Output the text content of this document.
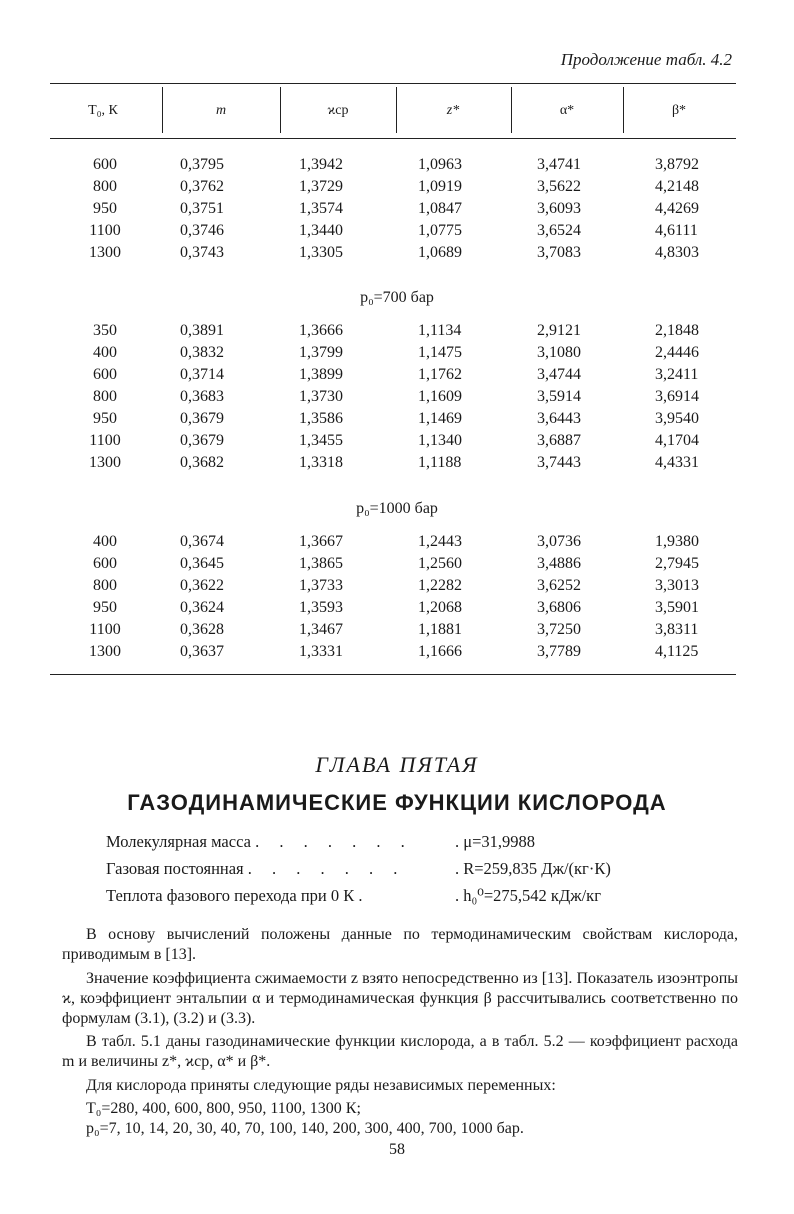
Продолжение табл. 4.2
T₀, К	m	ϰср	z*	α*	β*
600	0,3795	1,3942	1,0963	3,4741	3,8792
800	0,3762	1,3729	1,0919	3,5622	4,2148
950	0,3751	1,3574	1,0847	3,6093	4,4269
1100	0,3746	1,3440	1,0775	3,6524	4,6111
1300	0,3743	1,3305	1,0689	3,7083	4,8303
p₀=700 бар
350	0,3891	1,3666	1,1134	2,9121	2,1848
400	0,3832	1,3799	1,1475	3,1080	2,4446
600	0,3714	1,3899	1,1762	3,4744	3,2411
800	0,3683	1,3730	1,1609	3,5914	3,6914
950	0,3679	1,3586	1,1469	3,6443	3,9540
1100	0,3679	1,3455	1,1340	3,6887	4,1704
1300	0,3682	1,3318	1,1188	3,7443	4,4331
p₀=1000 бар
400	0,3674	1,3667	1,2443	3,0736	1,9380
600	0,3645	1,3865	1,2560	3,4886	2,7945
800	0,3622	1,3733	1,2282	3,6252	3,3013
950	0,3624	1,3593	1,2068	3,6806	3,5901
1100	0,3628	1,3467	1,1881	3,7250	3,8311
1300	0,3637	1,3331	1,1666	3,7789	4,1125
ГЛАВА ПЯТАЯ
ГАЗОДИНАМИЧЕСКИЕ ФУНКЦИИ КИСЛОРОДА
Молекулярная масса . . . . . . .	. μ=31,9988
Газовая постоянная . . . . . . .	. R=259,835 Дж/(кг·К)
Теплота фазового перехода при 0 К .	. h₀⁰=275,542 кДж/кг
В основу вычислений положены данные по термодинамическим свойствам кислорода, приводимым в [13].
Значение коэффициента сжимаемости z взято непосредственно из [13]. Показатель изоэнтропы ϰ, коэффициент энтальпии α и термодинамическая функция β рассчитывались соответственно по формулам (3.1), (3.2) и (3.3).
В табл. 5.1 даны газодинамические функции кислорода, а в табл. 5.2 — коэффициент расхода m и величины z*, ϰср, α* и β*.
Для кислорода приняты следующие ряды независимых переменных:
T₀=280, 400, 600, 800, 950, 1100, 1300 К;
p₀=7, 10, 14, 20, 30, 40, 70, 100, 140, 200, 300, 400, 700, 1000 бар.
58
